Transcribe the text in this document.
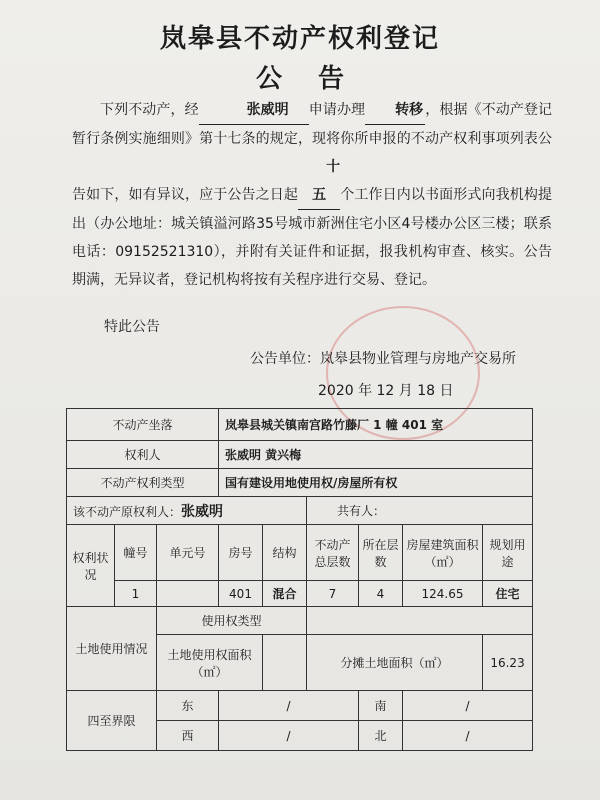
岚皋县不动产权利登记
公告
下列不动产，经	张威明 申请办理 转移 ，根据《不动产登记暂行条例实施细则》第十七条的规定，现将你所申报的不动产权利事项列表公告如下，如有异议，应于公告之日起十五 个工作日内以书面形式向我机构提出（办公地址：城关镇溢河路35号城市新洲住宅小区4号楼办公区三楼；联系电话：09152521310），并附有关证件和证据，报我机构审查、核实。公告期满，无异议者，登记机构将按有关程序进行交易、登记。
特此公告
公告单位：岚皋县物业管理与房地产交易所
2020 年 12 月 18 日
不动产坐落			岚皋县城关镇南宫路竹藤厂 1 幢 401 室					
权利人			张威明 黄兴梅					
不动产权利类型			国有建设用地使用权/房屋所有权					
该不动产原权利人：张威明					共有人：			
权利状况	幢号	单元号	房号	结构	不动产总层数	所在层数	房屋建筑面积（㎡）	规划用途
	1		401	混合	7	4	124.65	住宅
土地使用情况		使用权类型						
		土地使用权面积（㎡）			分摊土地面积（㎡）			16.23
四至界限		东	/			南	/	
		西	/			北	/	
